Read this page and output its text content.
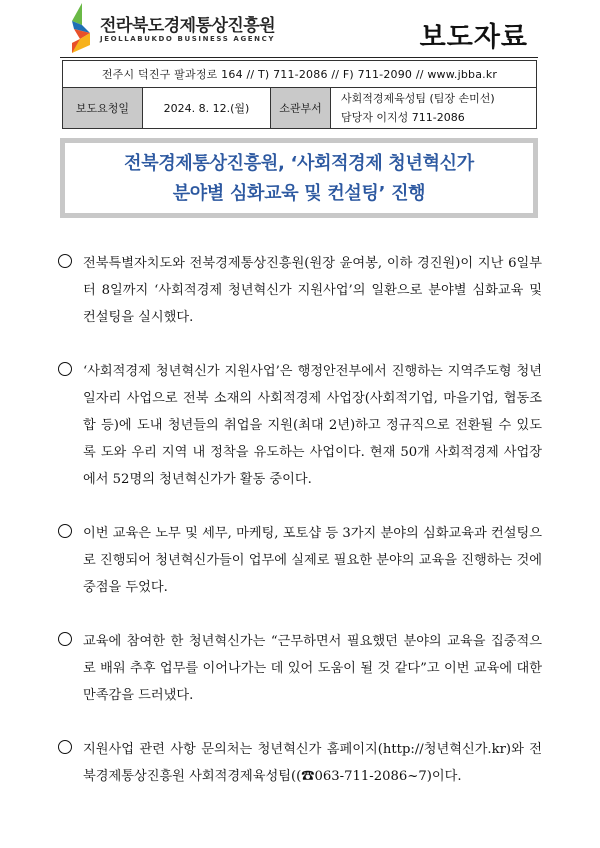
전라북도경제통상진흥원
JEOLLABUKDO BUSINESS AGENCY	보도자료
전주시 덕진구 팔과정로 164 // T) 711-2086 // F) 711-2090 // www.jbba.kr
보도요청일	2024. 8. 12.(월)	소관부서	
사회적경제육성팀 (팀장 손미선)
담당자 이지성 711-2086
전북경제통상진흥원, ‘사회적경제 청년혁신가
분야별 심화교육 및 컨설팅’ 진행
전북특별자치도와 전북경제통상진흥원(원장 윤여봉, 이하 경진원)이 지난 6일부터 8일까지 ‘사회적경제 청년혁신가 지원사업’의 일환으로 분야별 심화교육 및 컨설팅을 실시했다.
‘사회적경제 청년혁신가 지원사업’은 행정안전부에서 진행하는 지역주도형 청년일자리 사업으로 전북 소재의 사회적경제 사업장(사회적기업, 마을기업, 협동조합 등)에 도내 청년들의 취업을 지원(최대 2년)하고 정규직으로 전환될 수 있도록 도와 우리 지역 내 정착을 유도하는 사업이다. 현재 50개 사회적경제 사업장에서 52명의 청년혁신가가 활동 중이다.
이번 교육은 노무 및 세무, 마케팅, 포토샵 등 3가지 분야의 심화교육과 컨설팅으로 진행되어 청년혁신가들이 업무에 실제로 필요한 분야의 교육을 진행하는 것에 중점을 두었다.
교육에 참여한 한 청년혁신가는 “근무하면서 필요했던 분야의 교육을 집중적으로 배워 추후 업무를 이어나가는 데 있어 도움이 될 것 같다”고 이번 교육에 대한 만족감을 드러냈다.
지원사업 관련 사항 문의처는 청년혁신가 홈페이지(http://청년혁신가.kr)와 전북경제통상진흥원 사회적경제육성팀((☎063-711-2086~7)이다.
